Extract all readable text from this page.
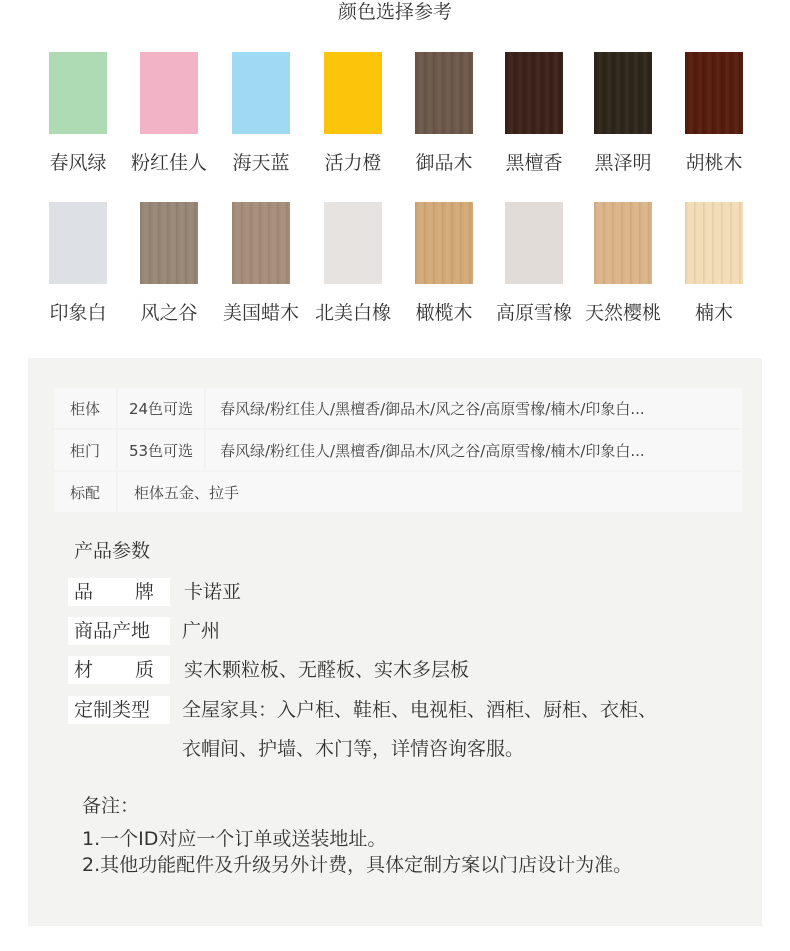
颜色选择参考
春风绿	粉红佳人	海天蓝	活力橙	御品木	黑檀香	黑泽明	胡桃木
印象白	风之谷	美国蜡木 北美白橡	橄榄木	高原雪橡 天然樱桃	楠木
柜体	24色可选	春风绿/粉红佳人/黑檀香/御品木/风之谷/高原雪橡/楠木/印象白...
柜门	53色可选	春风绿/粉红佳人/黑檀香/御品木/风之谷/高原雪橡/楠木/印象白...
标配	柜体五金、拉手	
产品参数
品 牌 卡诺亚
商品产地	广州
材 质 实木颗粒板、无醛板、实木多层板
定制类型	全屋家具：入户柜、鞋柜、电视柜、酒柜、厨柜、衣柜、
衣帽间、护墙、木门等，详情咨询客服。
备注：
1.一个ID对应一个订单或送装地址。
2.其他功能配件及升级另外计费，具体定制方案以门店设计为准。
